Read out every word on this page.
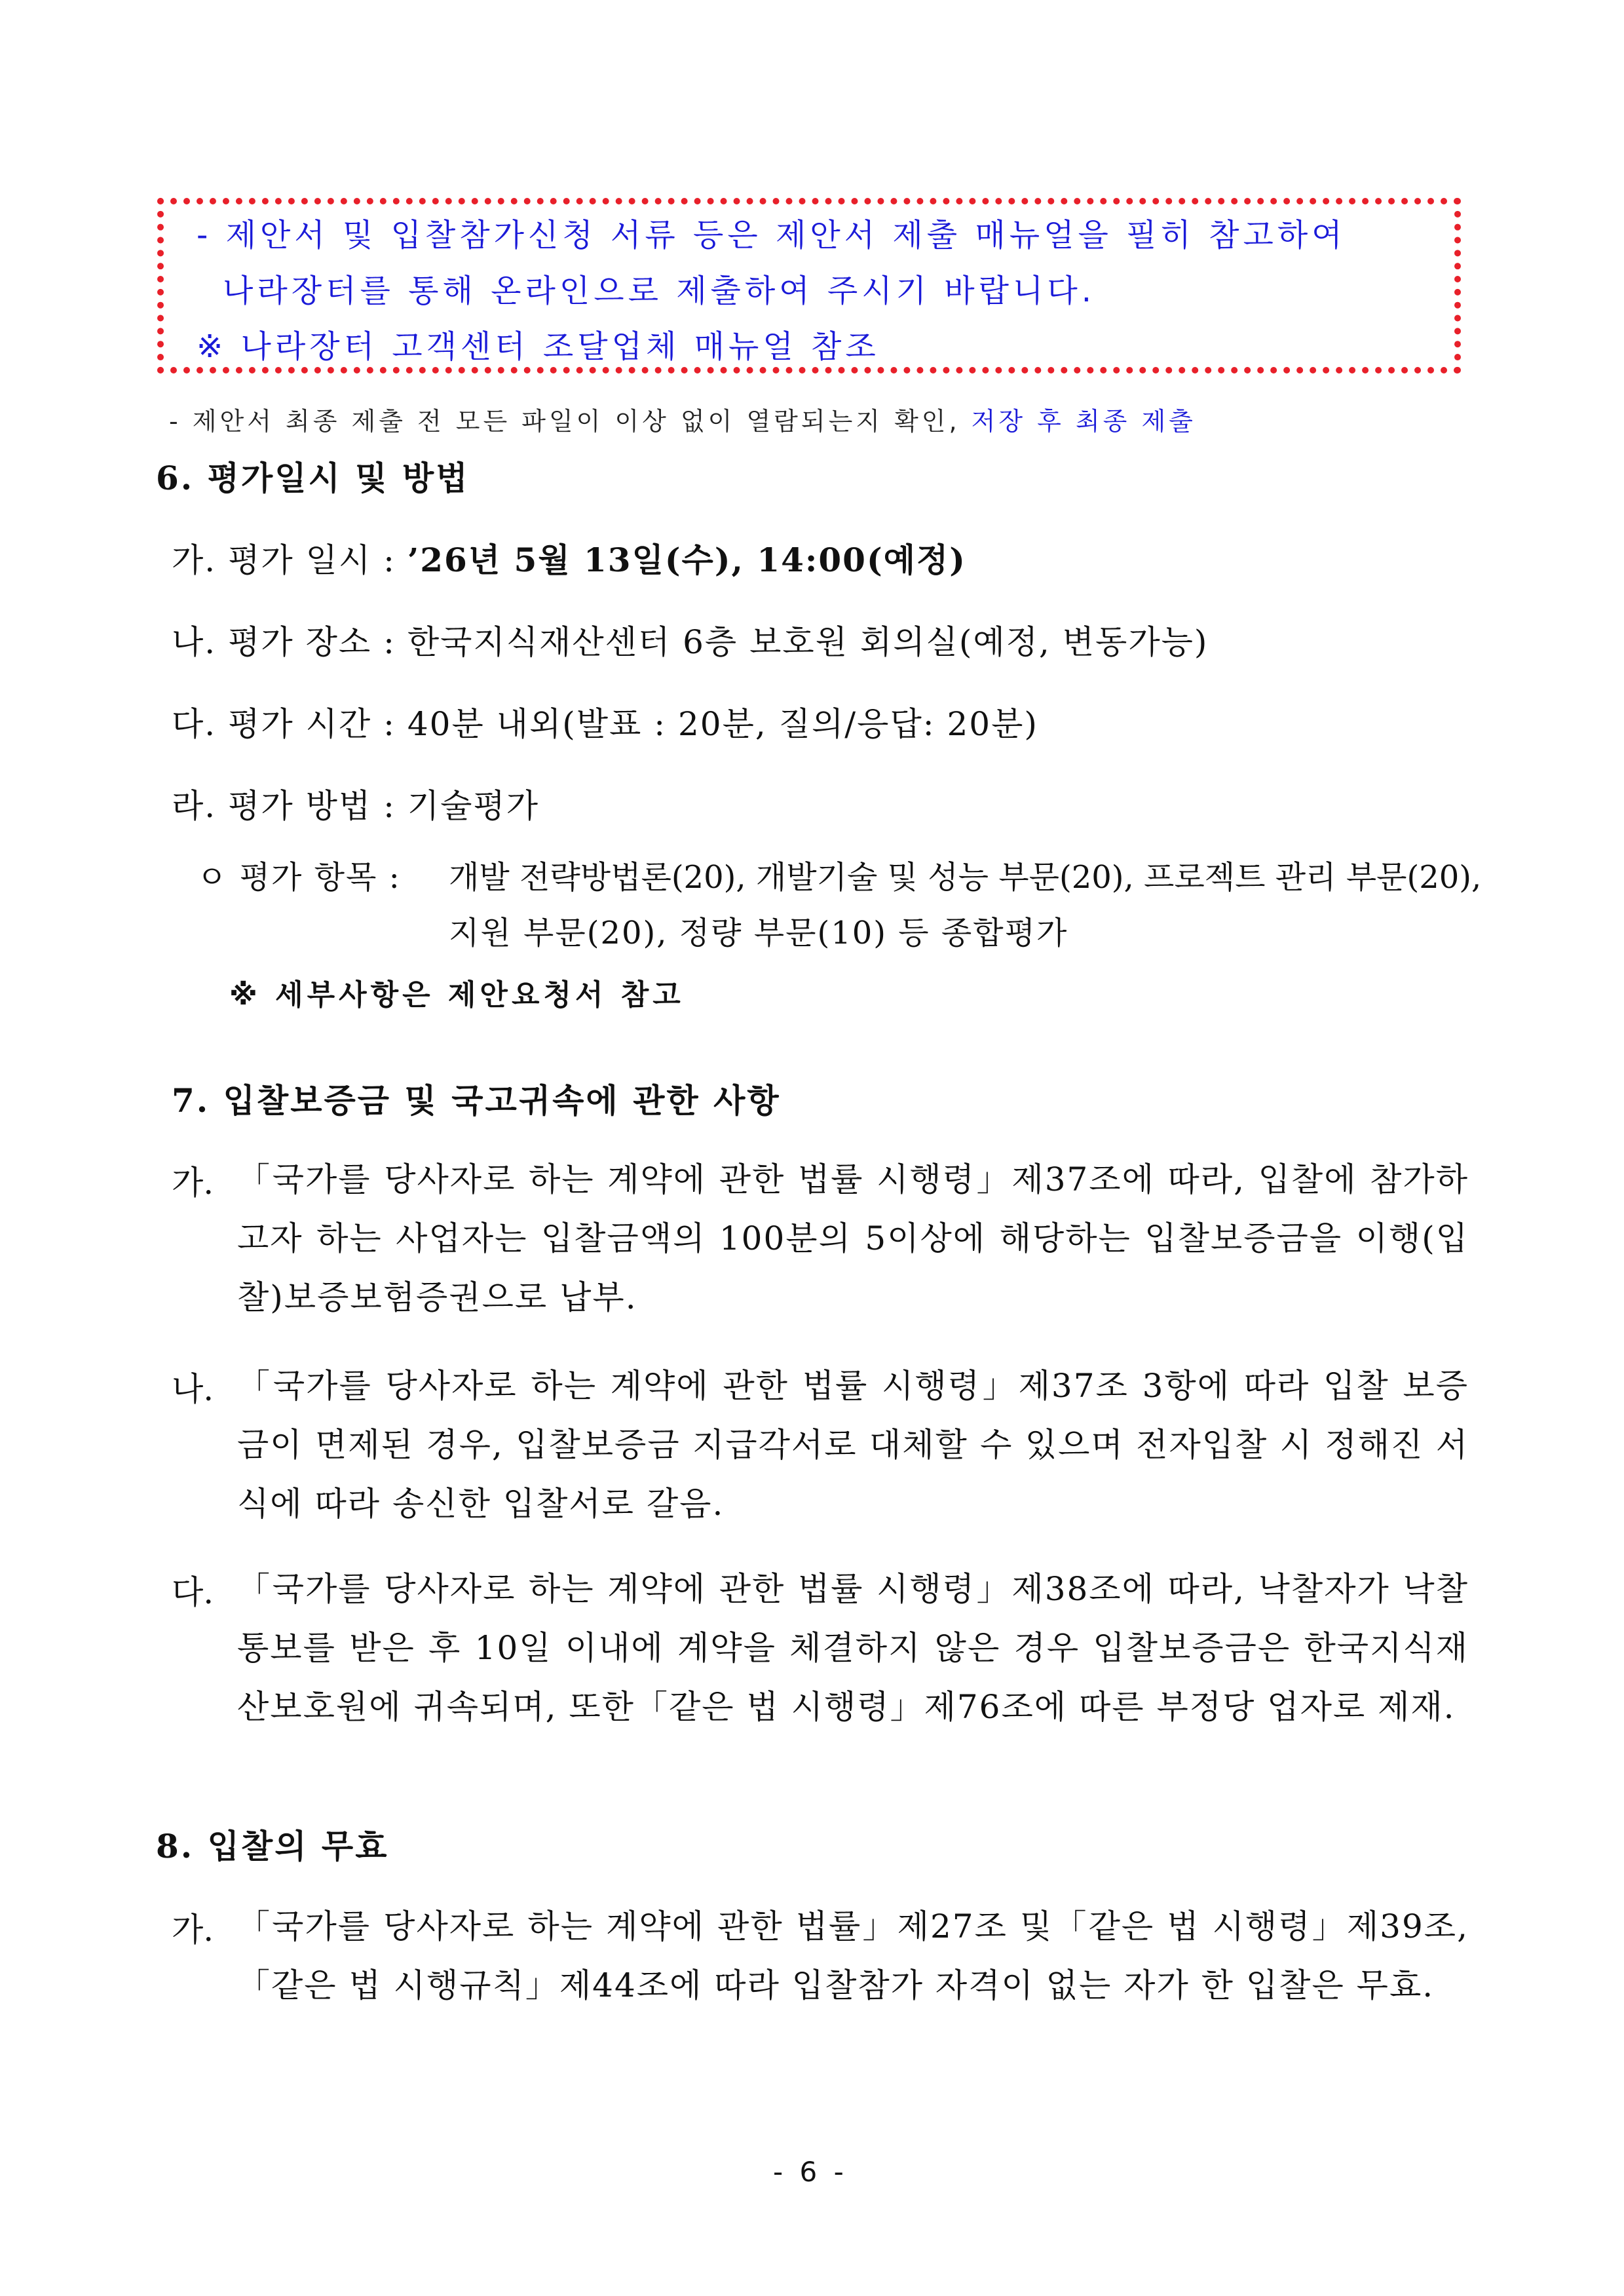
- 제안서 및 입찰참가신청 서류 등은 제안서 제출 매뉴얼을 필히 참고하여
나라장터를 통해 온라인으로 제출하여 주시기 바랍니다.
※ 나라장터 고객센터 조달업체 매뉴얼 참조
- 제안서 최종 제출 전 모든 파일이 이상 없이 열람되는지 확인, 저장 후 최종 제출
6. 평가일시 및 방법
가. 평가 일시 : ’26년 5월 13일(수), 14:00(예정)
나. 평가 장소 : 한국지식재산센터 6층 보호원 회의실(예정, 변동가능)
다. 평가 시간 : 40분 내외(발표 : 20분, 질의/응답: 20분)
라. 평가 방법 : 기술평가
ㅇ 평가 항목 : 개발 전략방법론(20), 개발기술 및 성능 부문(20), 프로젝트 관리 부문(20),
지원 부문(20), 정량 부문(10) 등 종합평가
※ 세부사항은 제안요청서 참고
7. 입찰보증금 및 국고귀속에 관한 사항
가. 「국가를 당사자로 하는 계약에 관한 법률 시행령」제37조에 따라, 입찰에 참가하고자 하는 사업자는 입찰금액의 100분의 5이상에 해당하는 입찰보증금을 이행(입찰)보증보험증권으로 납부.
나. 「국가를 당사자로 하는 계약에 관한 법률 시행령」제37조 3항에 따라 입찰 보증금이 면제된 경우, 입찰보증금 지급각서로 대체할 수 있으며 전자입찰 시 정해진 서식에 따라 송신한 입찰서로 갈음.
다. 「국가를 당사자로 하는 계약에 관한 법률 시행령」제38조에 따라, 낙찰자가 낙찰통보를 받은 후 10일 이내에 계약을 체결하지 않은 경우 입찰보증금은 한국지식재산보호원에 귀속되며, 또한「같은 법 시행령」제76조에 따른 부정당 업자로 제재.
8. 입찰의 무효
가. 「국가를 당사자로 하는 계약에 관한 법률」제27조 및「같은 법 시행령」제39조,「같은 법 시행규칙」제44조에 따라 입찰참가 자격이 없는 자가 한 입찰은 무효.
- 6 -
